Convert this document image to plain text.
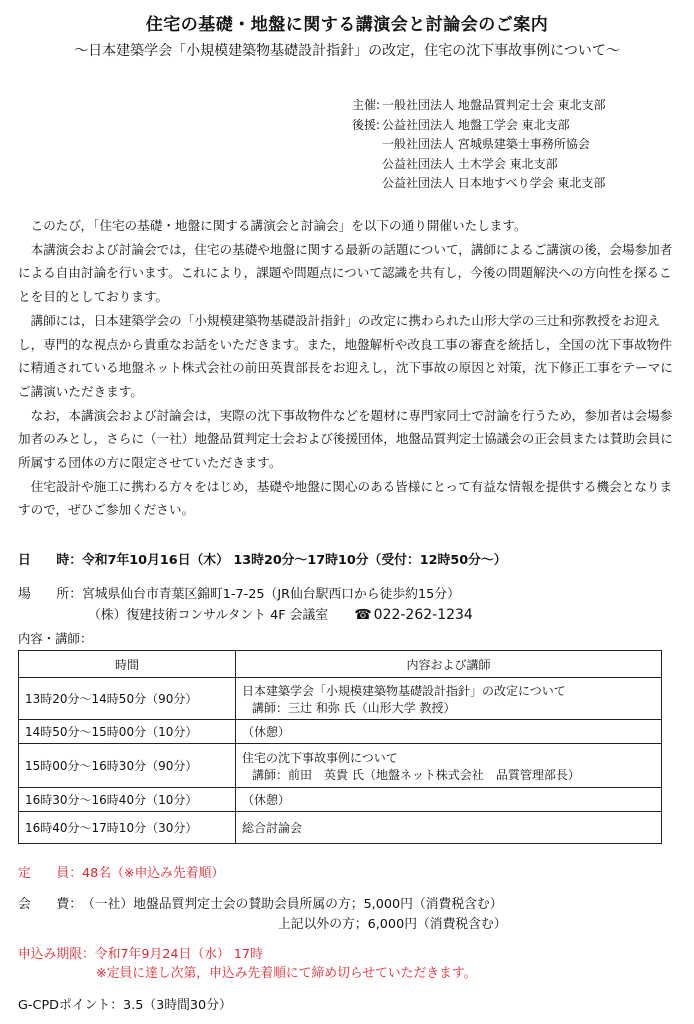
住宅の基礎・地盤に関する講演会と討論会のご案内
～日本建築学会「小規模建築物基礎設計指針」の改定，住宅の沈下事故事例について～
主催: 一般社団法人 地盤品質判定士会 東北支部
後援: 公益社団法人 地盤工学会 東北支部
一般社団法人 宮城県建築士事務所協会
公益社団法人 土木学会 東北支部
公益社団法人 日本地すべり学会 東北支部

このたび，「住宅の基礎・地盤に関する講演会と討論会」を以下の通り開催いたします。

本講演会および討論会では，住宅の基礎や地盤に関する最新の話題について，講師によるご講演の後，会場参加者による自由討論を行います。これにより，課題や問題点について認識を共有し，今後の問題解決への方向性を探ることを目的としております。

講師には，日本建築学会の「小規模建築物基礎設計指針」の改定に携わられた山形大学の三辻和弥教授をお迎えし，専門的な視点から貴重なお話をいただきます。また，地盤解析や改良工事の審査を統括し，全国の沈下事故物件に精通されている地盤ネット株式会社の前田英貴部長をお迎えし，沈下事故の原因と対策，沈下修正工事をテーマにご講演いただきます。

なお，本講演会および討論会は，実際の沈下事故物件などを題材に専門家同士で討論を行うため，参加者は会場参加者のみとし，さらに（一社）地盤品質判定士会および後援団体，地盤品質判定士協議会の正会員または賛助会員に所属する団体の方に限定させていただきます。

住宅設計や施工に携わる方々をはじめ，基礎や地盤に関心のある皆様にとって有益な情報を提供する機会となりますので，ぜひご参加ください。

日　　時：令和7年10月16日（木） 13時20分～17時10分（受付：12時50分～）
場　　所：宮城県仙台市青葉区錦町1-7-25（JR仙台駅西口から徒歩約15分）
（株）復建技術コンサルタント 4F 会議室 ☎ 022-262-1234
内容・講師：
時間	内容および講師
13時20分～14時50分（90分）	日本建築学会「小規模建築物基礎設計指針」の改定について
講師：三辻 和弥 氏（山形大学 教授）

14時50分～15時00分（10分）	（休憩）
15時00分～16時30分（90分）	住宅の沈下事故事例について
講師：前田　英貴 氏（地盤ネット株式会社　品質管理部長）

16時30分～16時40分（10分）	（休憩）
16時40分～17時10分（30分）	総合討論会
定　　員：48名（※申込み先着順）
会　　費：（一社）地盤品質判定士会の賛助会員所属の方；5,000円（消費税含む）
上記以外の方；6,000円（消費税含む）
申込み期限：令和7年9月24日（水） 17時
※定員に達し次第，申込み先着順にて締め切らせていただきます。
G-CPDポイント：3.5（3時間30分）
